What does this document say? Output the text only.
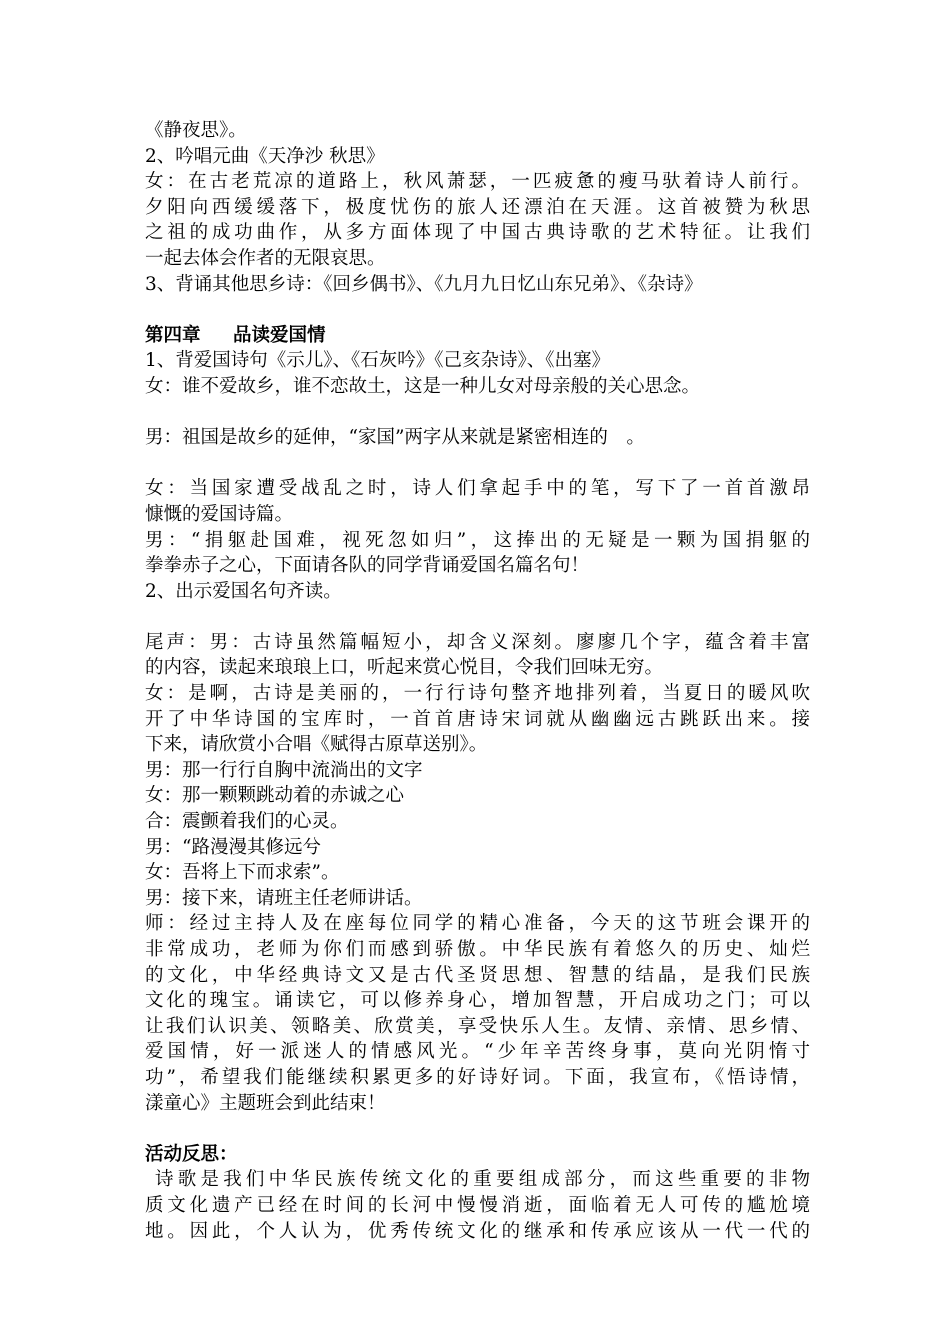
《静夜思》。

2、吟唱元曲《天净沙 秋思》

女：在古老荒凉的道路上，秋风萧瑟，一匹疲惫的瘦马驮着诗人前行。

夕阳向西缓缓落下，极度忧伤的旅人还漂泊在天涯。这首被赞为秋思

之祖的成功曲作，从多方面体现了中国古典诗歌的艺术特征。让我们

一起去体会作者的无限哀思。

3、背诵其他思乡诗：《回乡偶书》、《九月九日忆山东兄弟》、《杂诗》

第四章 品读爱国情

1、背爱国诗句《示儿》、《石灰吟》《己亥杂诗》、《出塞》

女：谁不爱故乡，谁不恋故土，这是一种儿女对母亲般的关心思念。

男：祖国是故乡的延伸，“家国”两字从来就是紧密相连的　。

女：当国家遭受战乱之时，诗人们拿起手中的笔，写下了一首首激昂

慷慨的爱国诗篇。

男：“捐躯赴国难，视死忽如归”，这捧出的无疑是一颗为国捐躯的

拳拳赤子之心，下面请各队的同学背诵爱国名篇名句！

2、出示爱国名句齐读。

尾声：男：古诗虽然篇幅短小，却含义深刻。廖廖几个字，蕴含着丰富

的内容，读起来琅琅上口，听起来赏心悦目，令我们回味无穷。

女：是啊，古诗是美丽的，一行行诗句整齐地排列着，当夏日的暖风吹

开了中华诗国的宝库时，一首首唐诗宋词就从幽幽远古跳跃出来。接

下来，请欣赏小合唱《赋得古原草送别》。

男：那一行行自胸中流淌出的文字

女：那一颗颗跳动着的赤诚之心

合：震颤着我们的心灵。

男：“路漫漫其修远兮

女：吾将上下而求索”。

男：接下来，请班主任老师讲话。

师：经过主持人及在座每位同学的精心准备，今天的这节班会课开的

非常成功，老师为你们而感到骄傲。中华民族有着悠久的历史、灿烂

的文化，中华经典诗文又是古代圣贤思想、智慧的结晶，是我们民族

文化的瑰宝。诵读它，可以修养身心，增加智慧，开启成功之门；可以

让我们认识美、领略美、欣赏美，享受快乐人生。友情、亲情、思乡情、

爱国情，好一派迷人的情感风光。“少年辛苦终身事，莫向光阴惰寸

功”，希望我们能继续积累更多的好诗好词。下面，我宣布，《悟诗情，

漾童心》主题班会到此结束！

活动反思：

诗歌是我们中华民族传统文化的重要组成部分，而这些重要的非物

质文化遗产已经在时间的长河中慢慢消逝，面临着无人可传的尴尬境

地。因此，个人认为，优秀传统文化的继承和传承应该从一代一代的
